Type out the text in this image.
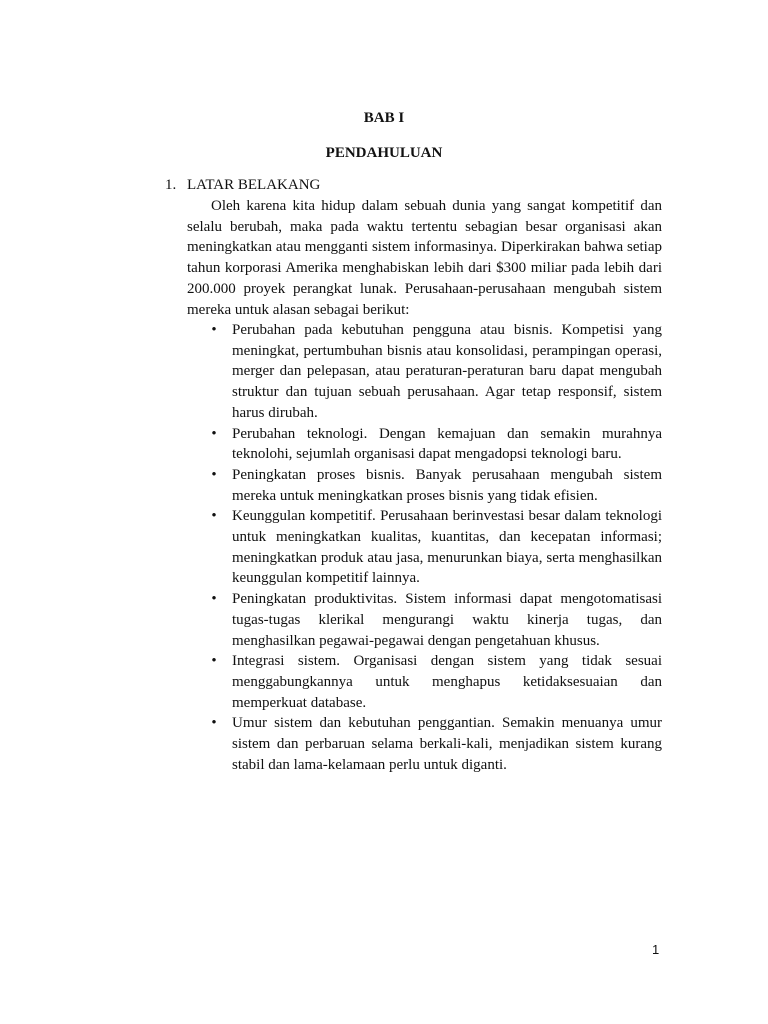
BAB I
PENDAHULUAN
1. LATAR BELAKANG

Oleh karena kita hidup dalam sebuah dunia yang sangat kompetitif dan selalu berubah, maka pada waktu tertentu sebagian besar organisasi akan meningkatkan atau mengganti sistem informasinya. Diperkirakan bahwa setiap tahun korporasi Amerika menghabiskan lebih dari $300 miliar pada lebih dari 200.000 proyek perangkat lunak. Perusahaan-perusahaan mengubah sistem mereka untuk alasan sebagai berikut:

• Perubahan pada kebutuhan pengguna atau bisnis. Kompetisi yang meningkat, pertumbuhan bisnis atau konsolidasi, perampingan operasi, merger dan pelepasan, atau peraturan-peraturan baru dapat mengubah struktur dan tujuan sebuah perusahaan. Agar tetap responsif, sistem harus dirubah.
• Perubahan teknologi. Dengan kemajuan dan semakin murahnya teknolohi, sejumlah organisasi dapat mengadopsi teknologi baru.
• Peningkatan proses bisnis. Banyak perusahaan mengubah sistem mereka untuk meningkatkan proses bisnis yang tidak efisien.
• Keunggulan kompetitif. Perusahaan berinvestasi besar dalam teknologi untuk meningkatkan kualitas, kuantitas, dan kecepatan informasi; meningkatkan produk atau jasa, menurunkan biaya, serta menghasilkan keunggulan kompetitif lainnya.
• Peningkatan produktivitas. Sistem informasi dapat mengotomatisasi tugas-tugas klerikal mengurangi waktu kinerja tugas, dan menghasilkan pegawai-pegawai dengan pengetahuan khusus.
• Integrasi sistem. Organisasi dengan sistem yang tidak sesuai menggabungkannya untuk menghapus ketidaksesuaian dan memperkuat database.
• Umur sistem dan kebutuhan penggantian. Semakin menuanya umur sistem dan perbaruan selama berkali-kali, menjadikan sistem kurang stabil dan lama-kelamaan perlu untuk diganti.
1
